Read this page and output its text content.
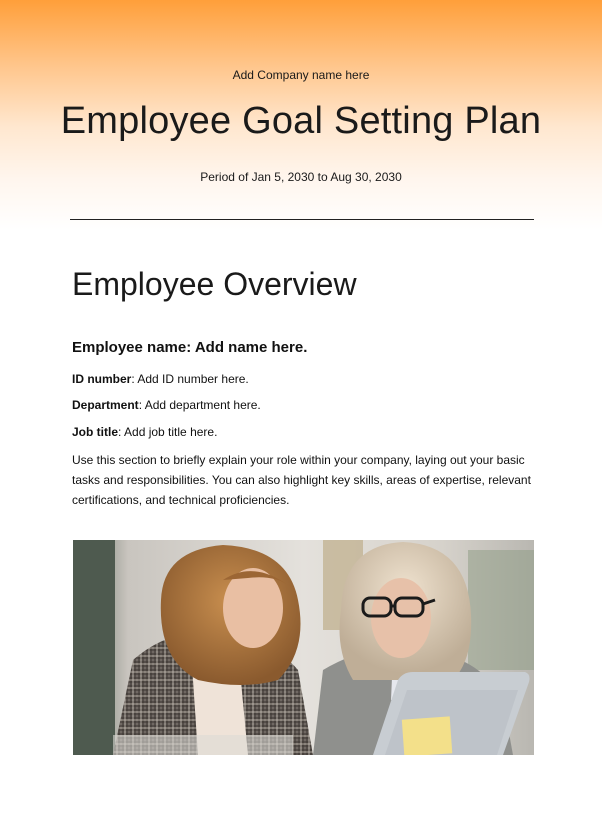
Add Company name here
Employee Goal Setting Plan
Period of Jan 5, 2030 to Aug 30, 2030
Employee Overview
Employee name: Add name here.
ID number: Add ID number here.
Department: Add department here.
Job title: Add job title here.

Use this section to briefly explain your role within your company, laying out your basic tasks and responsibilities. You can also highlight key skills, areas of expertise, relevant certifications, and technical proficiencies.
